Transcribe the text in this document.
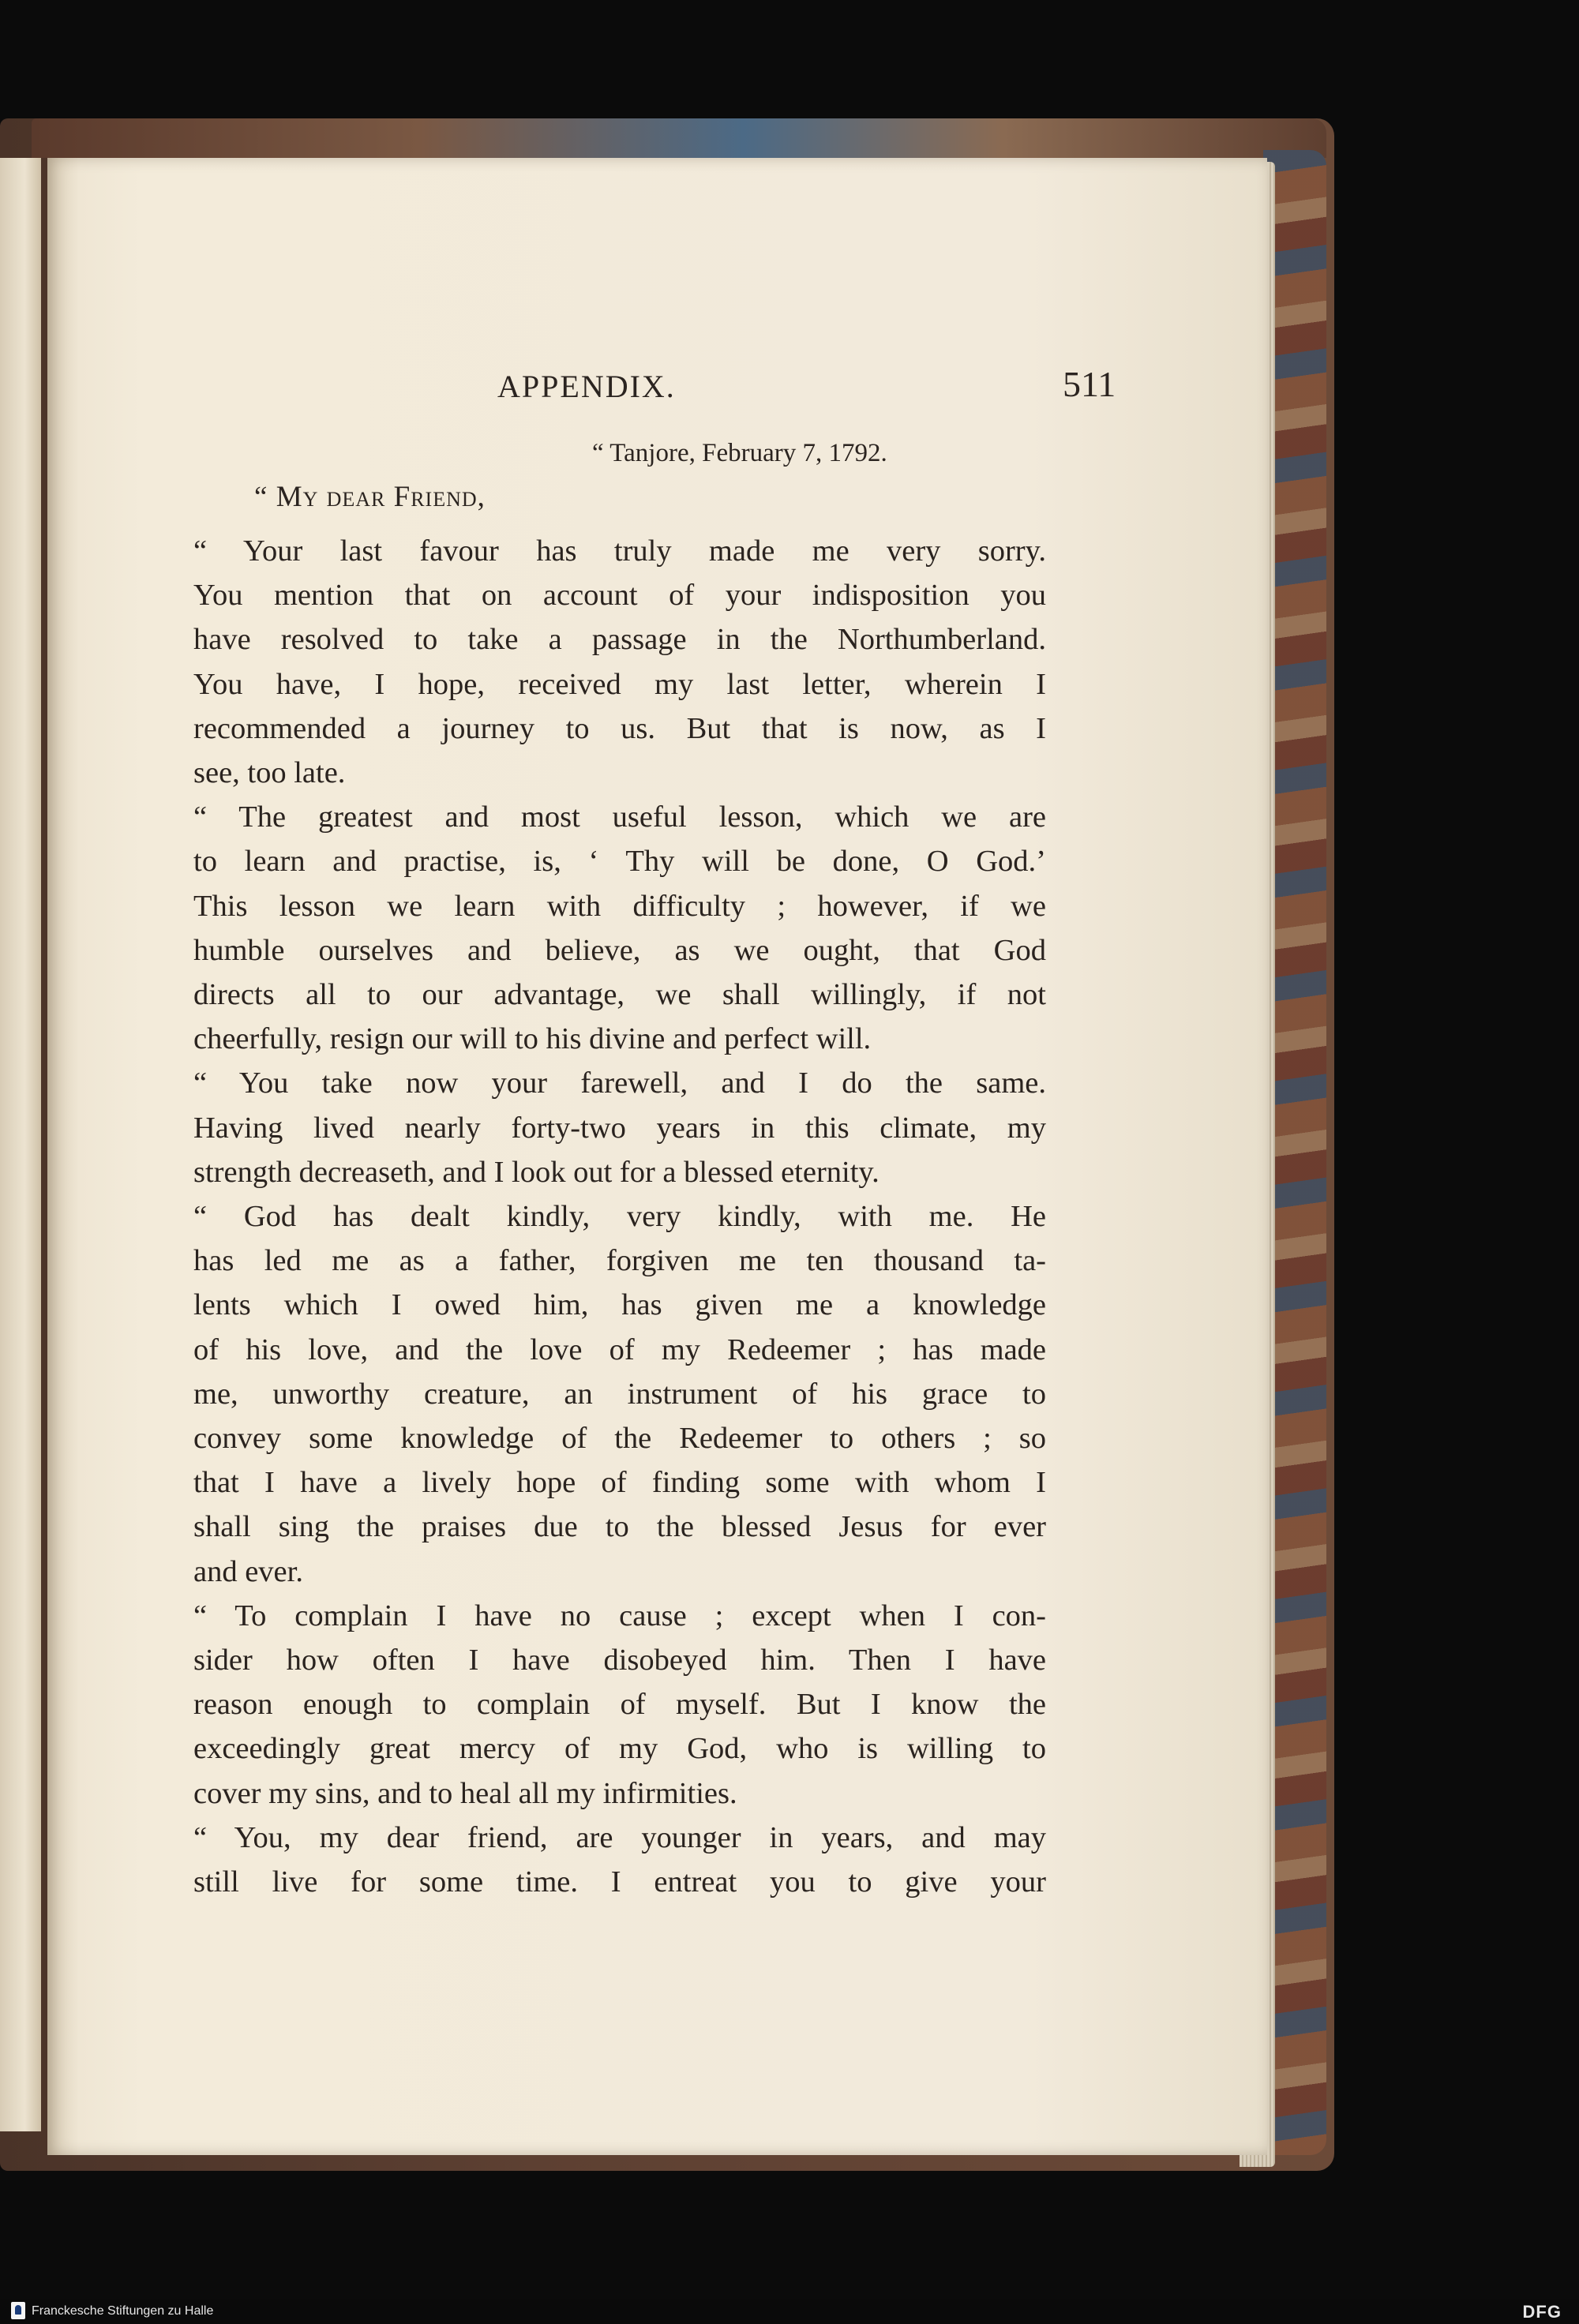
APPENDIX.	511
“ Tanjore, February 7, 1792.
“ My dear Friend,
“ Your last favour has truly made me very sorry.
You mention that on account of your indisposition you
have resolved to take a passage in the Northumberland.
You have, I hope, received my last letter, wherein I
recommended a journey to us. But that is now, as I
see, too late.
“ The greatest and most useful lesson, which we are
to learn and practise, is, ‘ Thy will be done, O God.’
This lesson we learn with difficulty ; however, if we
humble ourselves and believe, as we ought, that God
directs all to our advantage, we shall willingly, if not
cheerfully, resign our will to his divine and perfect will.
“ You take now your farewell, and I do the same.
Having lived nearly forty-two years in this climate, my
strength decreaseth, and I look out for a blessed eternity.
“ God has dealt kindly, very kindly, with me. He
has led me as a father, forgiven me ten thousand ta-
lents which I owed him, has given me a knowledge
of his love, and the love of my Redeemer ; has made
me, unworthy creature, an instrument of his grace to
convey some knowledge of the Redeemer to others ; so
that I have a lively hope of finding some with whom I
shall sing the praises due to the blessed Jesus for ever
and ever.
“ To complain I have no cause ; except when I con-
sider how often I have disobeyed him. Then I have
reason enough to complain of myself. But I know the
exceedingly great mercy of my God, who is willing to
cover my sins, and to heal all my infirmities.
“ You, my dear friend, are younger in years, and may
still live for some time. I entreat you to give your
Franckesche Stiftungen zu Halle	DFG
